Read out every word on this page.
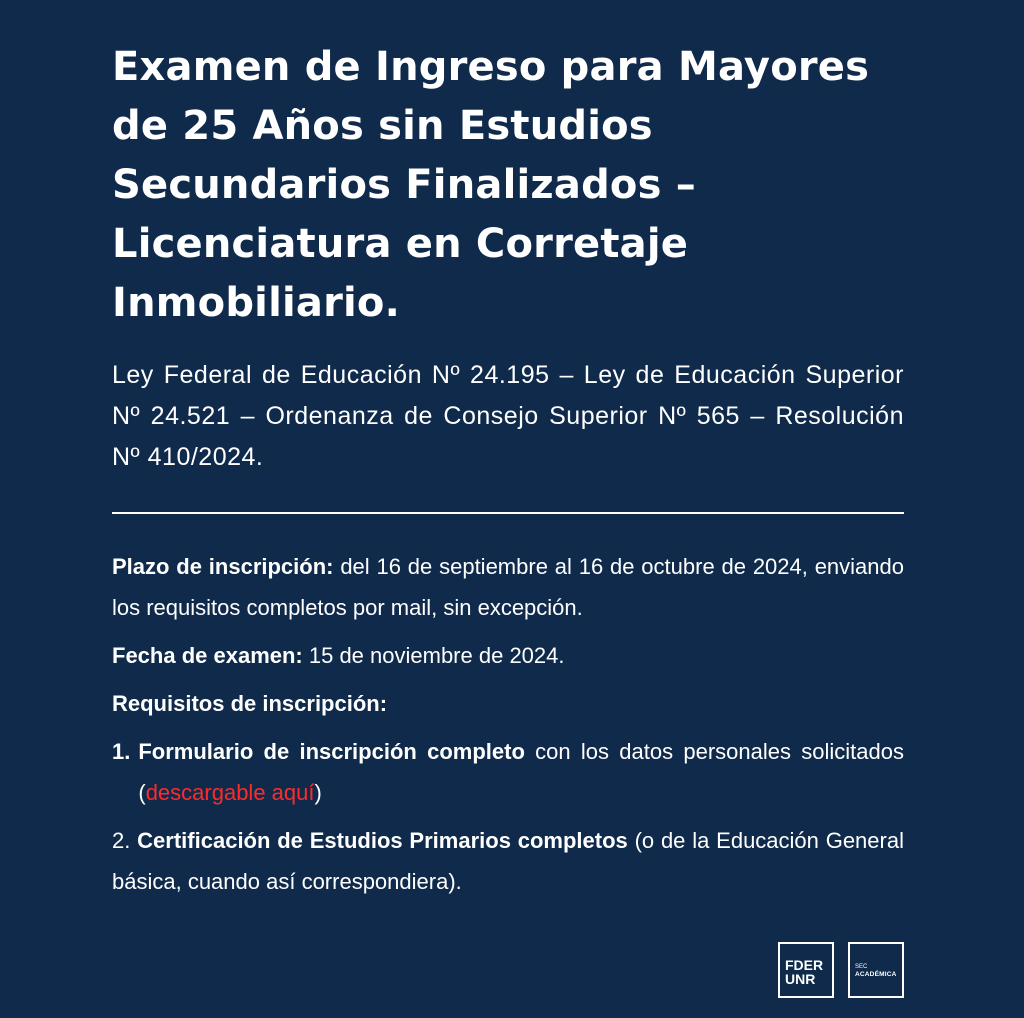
Examen de Ingreso para Mayores de 25 Años sin Estudios Secundarios Finalizados – Licenciatura en Corretaje Inmobiliario.

Ley Federal de Educación Nº 24.195 – Ley de Educación Superior Nº 24.521 – Ordenanza de Consejo Superior Nº 565 – Resolución Nº 410/2024.

Plazo de inscripción: del 16 de septiembre al 16 de octubre de 2024, enviando los requisitos completos por mail, sin excepción.

Fecha de examen: 15 de noviembre de 2024.

Requisitos de inscripción:

1. Formulario de inscripción completo con los datos personales solicitados (descargable aquí)

2. Certificación de Estudios Primarios completos (o de la Educación General básica, cuando así correspondiera).

FDER
UNR
SEC
ACADÉMICA
